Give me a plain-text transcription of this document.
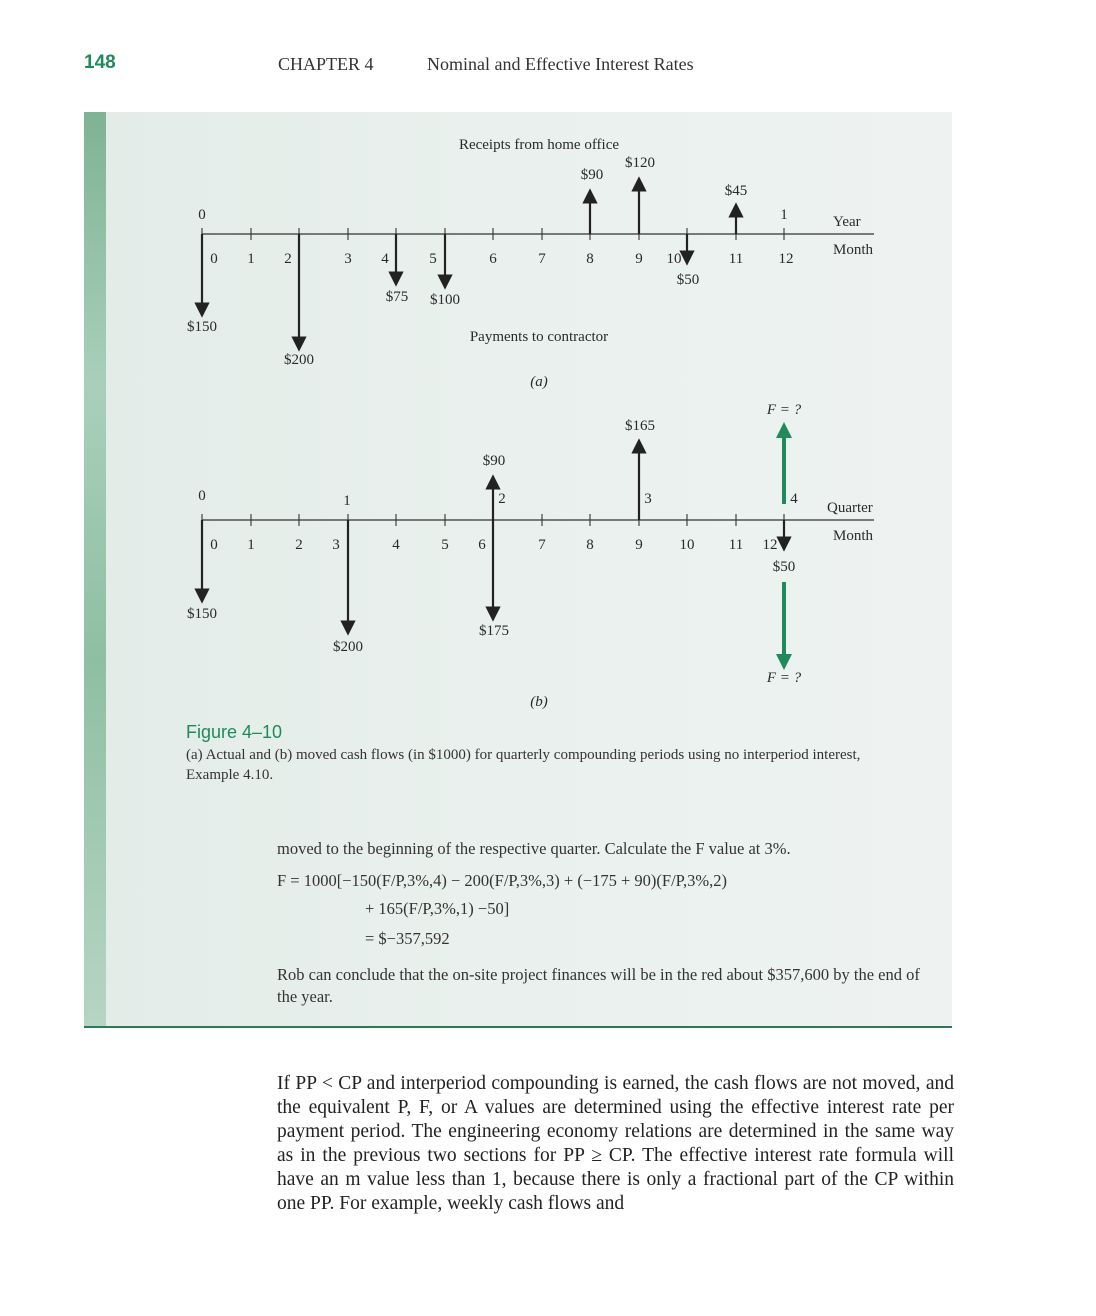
148	CHAPTER 4	Nominal and Effective Interest Rates
0	1
0 1 2	3 4	5	6	7	8	9 10	11 12
Year
Month
Receipts from home office
Payments to contractor
(a)
$90
$120
$45
$150
$200
$75 $100
$50
0	1	2	3	4
0 1	2 3	4	5 6	7	8	9 10 11 12
Quarter
Month
$90
$165
$150
$200
$175
$50
F = ?
F = ?
(b)
F = 1000[−150(F/P,3%,4) − 200(F/P,3%,3) + (−175 + 90)(F/P,3%,2)
+ 165(F/P,3%,1) −50]
= $−357,592
Figure 4–10
(a) Actual and (b) moved cash flows (in $1000) for quarterly compounding periods using no interperiod interest, Example 4.10.
moved to the beginning of the respective quarter. Calculate the F value at 3%.
Rob can conclude that the on-site project finances will be in the red about $357,600 by the end of the year.
If PP < CP and interperiod compounding is earned, the cash flows are not moved, and the equivalent P, F, or A values are determined using the effective interest rate per payment period. The engineering economy relations are determined in the same way as in the previous two sections for PP ≥ CP. The effective interest rate formula will have an m value less than 1, because there is only a fractional part of the CP within one PP. For example, weekly cash flows and
